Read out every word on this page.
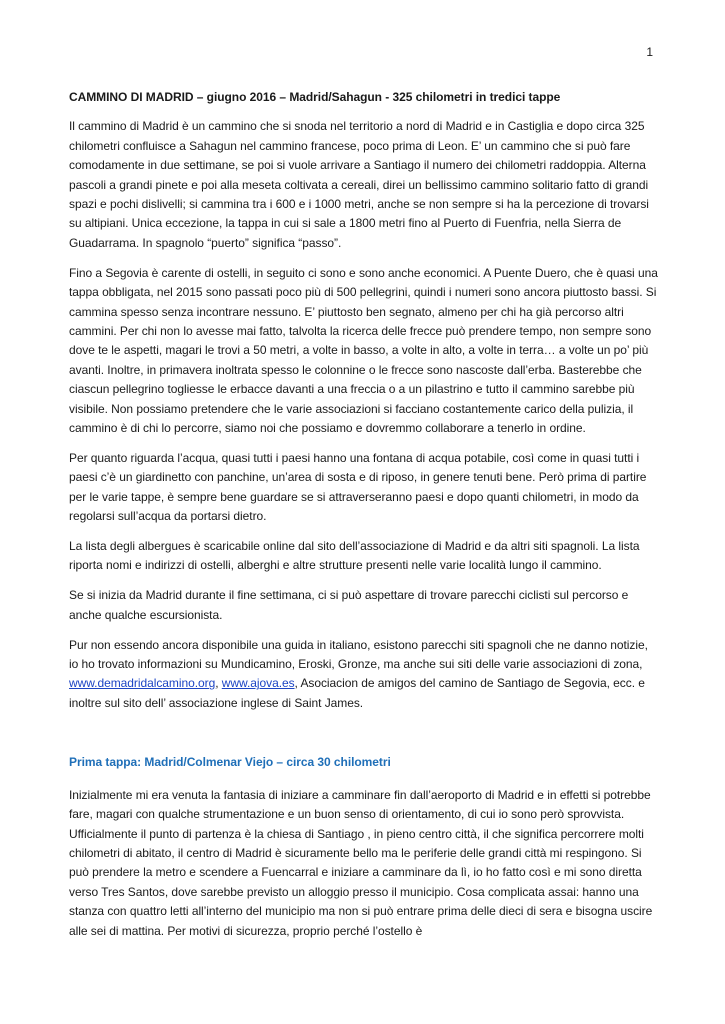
1

CAMMINO DI MADRID – giugno 2016 – Madrid/Sahagun - 325 chilometri in tredici tappe

Il cammino di Madrid è un cammino che si snoda nel territorio a nord di Madrid e in Castiglia e dopo circa 325 chilometri confluisce a Sahagun nel cammino francese, poco prima di Leon. E’ un cammino che si può fare comodamente in due settimane, se poi si vuole arrivare a Santiago il numero dei chilometri raddoppia. Alterna pascoli a grandi pinete e poi alla meseta coltivata a cereali, direi un bellissimo cammino solitario fatto di grandi spazi e pochi dislivelli; si cammina tra i 600 e i 1000 metri, anche se non sempre si ha la percezione di trovarsi su altipiani. Unica eccezione, la tappa in cui si sale a 1800 metri fino al Puerto di Fuenfria, nella Sierra de Guadarrama. In spagnolo “puerto” significa “passo”.

Fino a Segovia è carente di ostelli, in seguito ci sono e sono anche economici. A Puente Duero, che è quasi una tappa obbligata, nel 2015 sono passati poco più di 500 pellegrini, quindi i numeri sono ancora piuttosto bassi. Si cammina spesso senza incontrare nessuno. E’ piuttosto ben segnato, almeno per chi ha già percorso altri cammini. Per chi non lo avesse mai fatto, talvolta la ricerca delle frecce può prendere tempo, non sempre sono dove te le aspetti, magari le trovi a 50 metri, a volte in basso, a volte in alto, a volte in terra… a volte un po’ più avanti. Inoltre, in primavera inoltrata spesso le colonnine o le frecce sono nascoste dall’erba. Basterebbe che ciascun pellegrino togliesse le erbacce davanti a una freccia o a un pilastrino e tutto il cammino sarebbe più visibile. Non possiamo pretendere che le varie associazioni si facciano costantemente carico della pulizia, il cammino è di chi lo percorre, siamo noi che possiamo e dovremmo collaborare a tenerlo in ordine.

Per quanto riguarda l’acqua, quasi tutti i paesi hanno una fontana di acqua potabile, così come in quasi tutti i paesi c’è un giardinetto con panchine, un’area di sosta e di riposo, in genere tenuti bene. Però prima di partire per le varie tappe, è sempre bene guardare se si attraverseranno paesi e dopo quanti chilometri, in modo da regolarsi sull’acqua da portarsi dietro.

La lista degli albergues è scaricabile online dal sito dell’associazione di Madrid e da altri siti spagnoli. La lista riporta nomi e indirizzi di ostelli, alberghi e altre strutture presenti nelle varie località lungo il cammino.

Se si inizia da Madrid durante il fine settimana, ci si può aspettare di trovare parecchi ciclisti sul percorso e anche qualche escursionista.

Pur non essendo ancora disponibile una guida in italiano, esistono parecchi siti spagnoli che ne danno notizie, io ho trovato informazioni su Mundicamino, Eroski, Gronze, ma anche sui siti delle varie associazioni di zona, www.demadridalcamino.org, www.ajova.es, Asociacion de amigos del camino de Santiago de Segovia, ecc. e inoltre sul sito dell’ associazione inglese di Saint James.

Prima tappa: Madrid/Colmenar Viejo – circa 30 chilometri

Inizialmente mi era venuta la fantasia di iniziare a camminare fin dall’aeroporto di Madrid e in effetti si potrebbe fare, magari con qualche strumentazione e un buon senso di orientamento, di cui io sono però sprovvista. Ufficialmente il punto di partenza è la chiesa di Santiago , in pieno centro città, il che significa percorrere molti chilometri di abitato, il centro di Madrid è sicuramente bello ma le periferie delle grandi città mi respingono. Si può prendere la metro e scendere a Fuencarral e iniziare a camminare da lì, io ho fatto così e mi sono diretta verso Tres Santos, dove sarebbe previsto un alloggio presso il municipio. Cosa complicata assai: hanno una stanza con quattro letti all’interno del municipio ma non si può entrare prima delle dieci di sera e bisogna uscire alle sei di mattina. Per motivi di sicurezza, proprio perché l’ostello è
